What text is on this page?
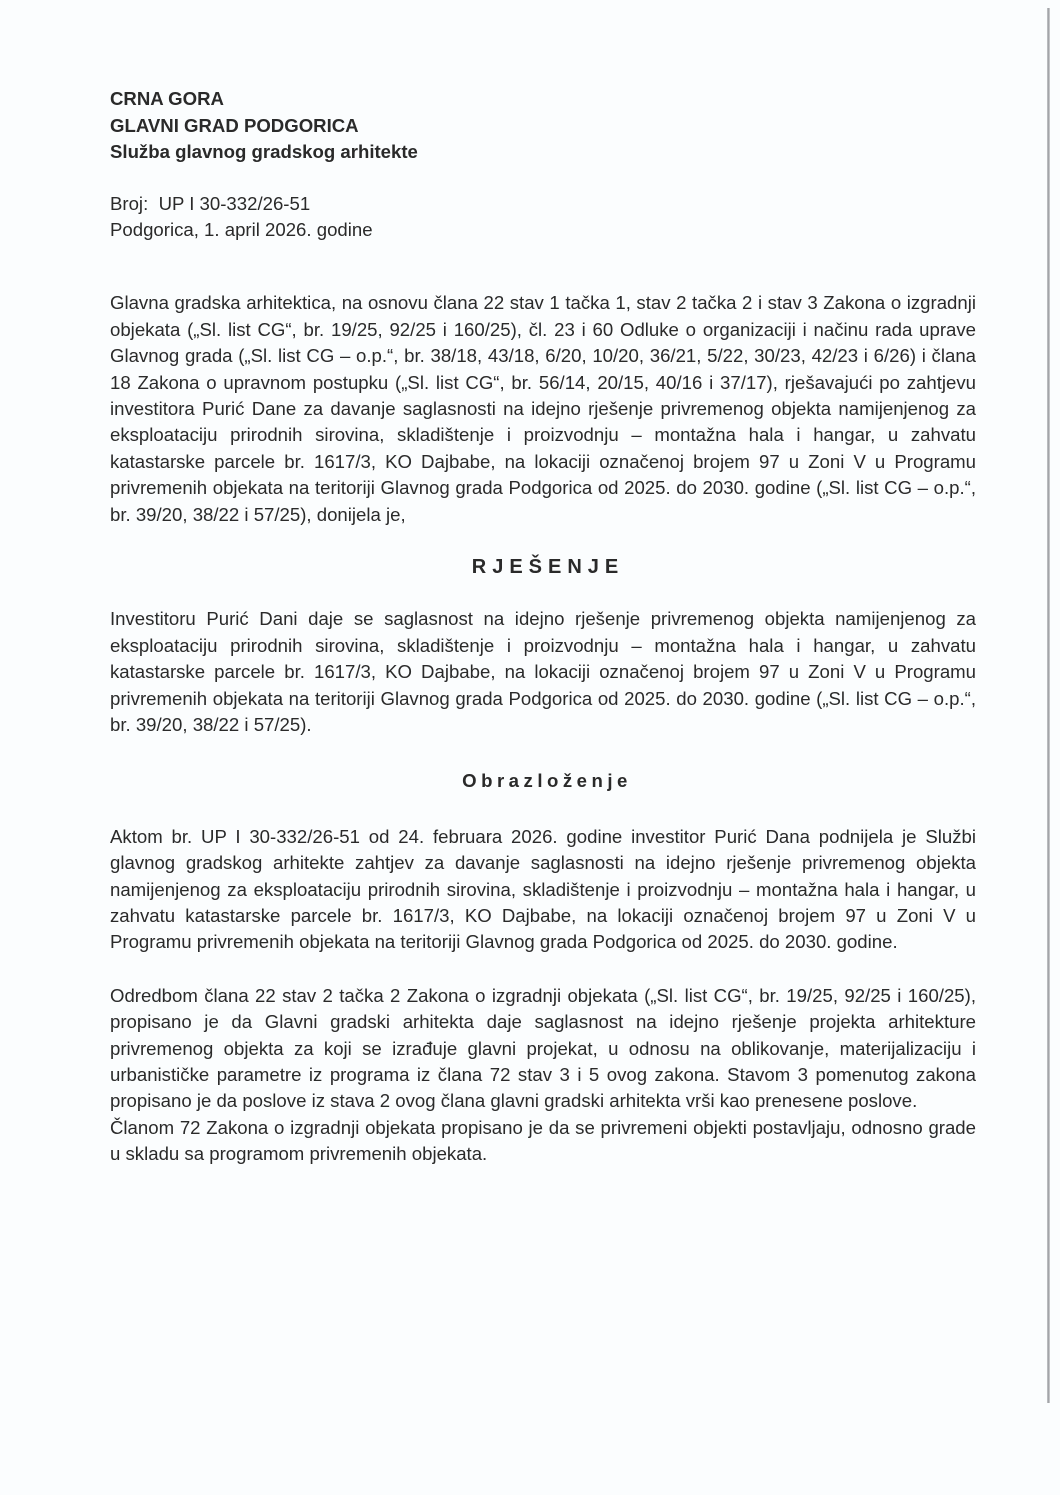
CRNA GORA
GLAVNI GRAD PODGORICA
Služba glavnog gradskog arhitekte
Broj:  UP I 30-332/26-51
Podgorica, 1. april 2026. godine

Glavna gradska arhitektica, na osnovu člana 22 stav 1 tačka 1, stav 2 tačka 2 i stav 3 Zakona o izgradnji objekata („Sl. list CG“, br. 19/25, 92/25 i 160/25), čl. 23 i 60 Odluke o organizaciji i načinu rada uprave Glavnog grada („Sl. list CG – o.p.“, br. 38/18, 43/18, 6/20, 10/20, 36/21, 5/22, 30/23, 42/23 i 6/26) i člana 18 Zakona o upravnom postupku („Sl. list CG“, br. 56/14, 20/15, 40/16 i 37/17), rješavajući po zahtjevu investitora Purić Dane za davanje saglasnosti na idejno rješenje privremenog objekta namijenjenog za eksploataciju prirodnih sirovina, skladištenje i proizvodnju – montažna hala i hangar, u zahvatu katastarske parcele br. 1617/3, KO Dajbabe, na lokaciji označenoj brojem 97 u Zoni V u Programu privremenih objekata na teritoriji Glavnog grada Podgorica od 2025. do 2030. godine („Sl. list CG – o.p.“, br. 39/20, 38/22 i 57/25), donijela je,

RJEŠENJE

Investitoru Purić Dani daje se saglasnost na idejno rješenje privremenog objekta namijenjenog za eksploataciju prirodnih sirovina, skladištenje i proizvodnju – montažna hala i hangar, u zahvatu katastarske parcele br. 1617/3, KO Dajbabe, na lokaciji označenoj brojem 97 u Zoni V u Programu privremenih objekata na teritoriji Glavnog grada Podgorica od 2025. do 2030. godine („Sl. list CG – o.p.“, br. 39/20, 38/22 i 57/25).

Obrazloženje

Aktom br. UP I 30-332/26-51 od 24. februara 2026. godine investitor Purić Dana podnijela je Službi glavnog gradskog arhitekte zahtjev za davanje saglasnosti na idejno rješenje privremenog objekta namijenjenog za eksploataciju prirodnih sirovina, skladištenje i proizvodnju – montažna hala i hangar, u zahvatu katastarske parcele br. 1617/3, KO Dajbabe, na lokaciji označenoj brojem 97 u Zoni V u Programu privremenih objekata na teritoriji Glavnog grada Podgorica od 2025. do 2030. godine.

Odredbom člana 22 stav 2 tačka 2 Zakona o izgradnji objekata („Sl. list CG“, br. 19/25, 92/25 i 160/25), propisano je da Glavni gradski arhitekta daje saglasnost na idejno rješenje projekta arhitekture privremenog objekta za koji se izrađuje glavni projekat, u odnosu na oblikovanje, materijalizaciju i urbanističke parametre iz programa iz člana 72 stav 3 i 5 ovog zakona. Stavom 3 pomenutog zakona propisano je da poslove iz stava 2 ovog člana glavni gradski arhitekta vrši kao prenesene poslove.

Članom 72 Zakona o izgradnji objekata propisano je da se privremeni objekti postavljaju, odnosno grade u skladu sa programom privremenih objekata.
